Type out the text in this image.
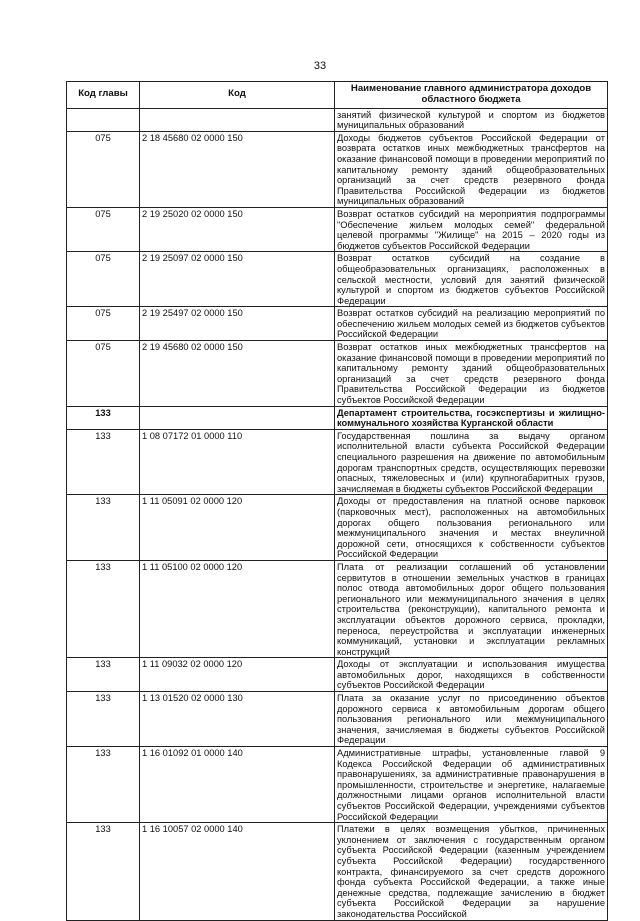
33
Код главы	Код	Наименование главного администратора доходов областного бюджета
		занятий физической культурой и спортом из бюджетов муниципальных образований
075	2 18 45680 02 0000 150	Доходы бюджетов субъектов Российской Федерации от возврата остатков иных межбюджетных трансфертов на оказание финансовой помощи в проведении мероприятий по капитальному ремонту зданий общеобразовательных организаций за счет средств резервного фонда Правительства Российской Федерации из бюджетов муниципальных образований
075	2 19 25020 02 0000 150	Возврат остатков субсидий на мероприятия подпрограммы "Обеспечение жильем молодых семей" федеральной целевой программы "Жилище" на 2015 – 2020 годы из бюджетов субъектов Российской Федерации
075	2 19 25097 02 0000 150	Возврат остатков субсидий на создание в общеобразовательных организациях, расположенных в сельской местности, условий для занятий физической культурой и спортом из бюджетов субъектов Российской Федерации
075	2 19 25497 02 0000 150	Возврат остатков субсидий на реализацию мероприятий по обеспечению жильем молодых семей из бюджетов субъектов Российской Федерации
075	2 19 45680 02 0000 150	Возврат остатков иных межбюджетных трансфертов на оказание финансовой помощи в проведении мероприятий по капитальному ремонту зданий общеобразовательных организаций за счет средств резервного фонда Правительства Российской Федерации из бюджетов субъектов Российской Федерации
133		Департамент строительства, госэкспертизы и жилищно-коммунального хозяйства Курганской области
133	1 08 07172 01 0000 110	Государственная пошлина за выдачу органом исполнительной власти субъекта Российской Федерации специального разрешения на движение по автомобильным дорогам транспортных средств, осуществляющих перевозки опасных, тяжеловесных и (или) крупногабаритных грузов, зачисляемая в бюджеты субъектов Российской Федерации
133	1 11 05091 02 0000 120	Доходы от предоставления на платной основе парковок (парковочных мест), расположенных на автомобильных дорогах общего пользования регионального или межмуниципального значения и местах внеуличной дорожной сети, относящихся к собственности субъектов Российской Федерации
133	1 11 05100 02 0000 120	Плата от реализации соглашений об установлении сервитутов в отношении земельных участков в границах полос отвода автомобильных дорог общего пользования регионального или межмуниципального значения в целях строительства (реконструкции), капитального ремонта и эксплуатации объектов дорожного сервиса, прокладки, переноса, переустройства и эксплуатации инженерных коммуникаций, установки и эксплуатации рекламных конструкций
133	1 11 09032 02 0000 120	Доходы от эксплуатации и использования имущества автомобильных дорог, находящихся в собственности субъектов Российской Федерации
133	1 13 01520 02 0000 130	Плата за оказание услуг по присоединению объектов дорожного сервиса к автомобильным дорогам общего пользования регионального или межмуниципального значения, зачисляемая в бюджеты субъектов Российской Федерации
133	1 16 01092 01 0000 140	Административные штрафы, установленные главой 9 Кодекса Российской Федерации об административных правонарушениях, за административные правонарушения в промышленности, строительстве и энергетике, налагаемые должностными лицами органов исполнительной власти субъектов Российской Федерации, учреждениями субъектов Российской Федерации
133	1 16 10057 02 0000 140	Платежи в целях возмещения убытков, причиненных уклонением от заключения с государственным органом субъекта Российской Федерации (казенным учреждением субъекта Российской Федерации) государственного контракта, финансируемого за счет средств дорожного фонда субъекта Российской Федерации, а также иные денежные средства, подлежащие зачислению в бюджет субъекта Российской Федерации за нарушение законодательства Российской
